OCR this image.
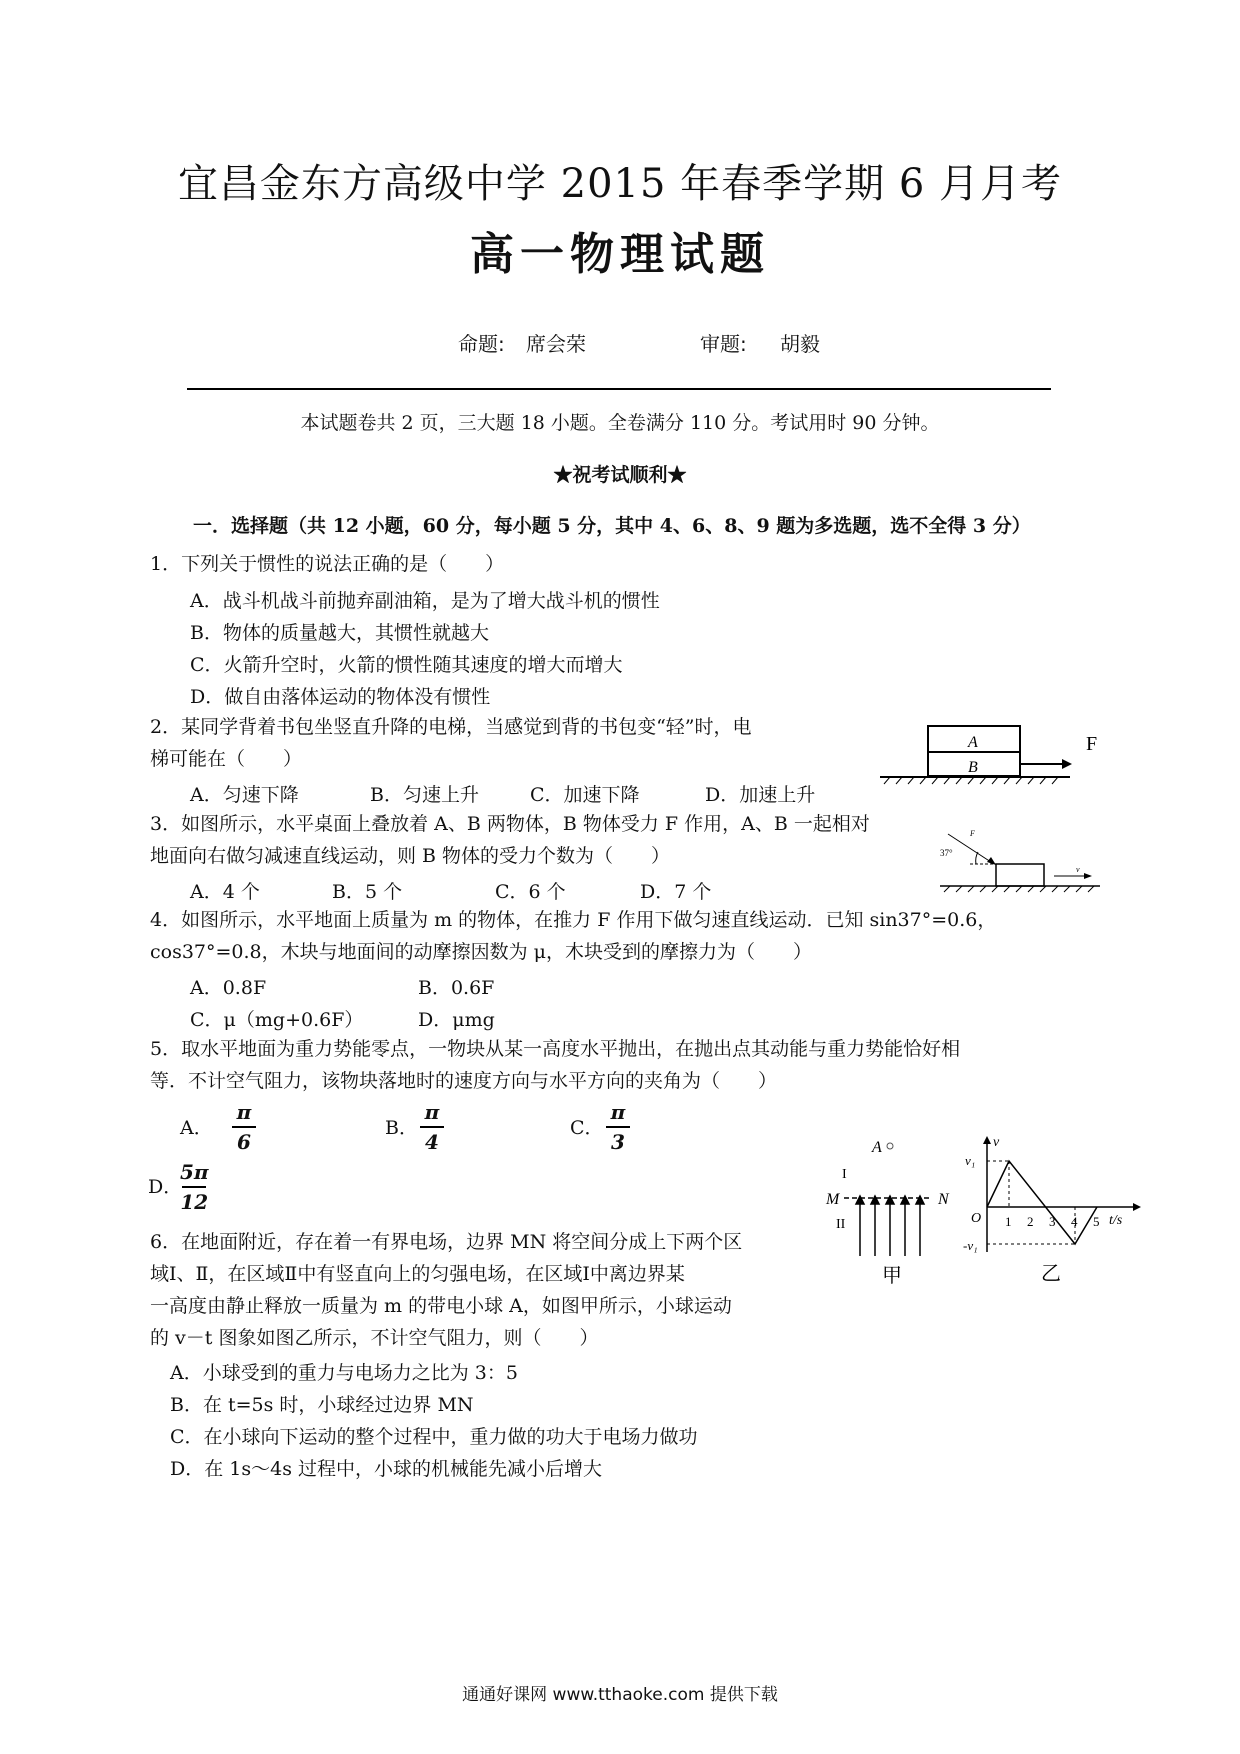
宜昌金东方高级中学 2015 年春季学期 6 月月考
高一物理试题
命题: 席会荣	审题: 胡毅
本试题卷共 2 页，三大题 18 小题。全卷满分 110 分。考试用时 90 分钟。
★祝考试顺利★
一．选择题（共 12 小题，60 分，每小题 5 分，其中 4、6、8、9 题为多选题，选不全得 3 分）
1．下列关于惯性的说法正确的是（　　）
A．战斗机战斗前抛弃副油箱，是为了增大战斗机的惯性
B．物体的质量越大，其惯性就越大
C．火箭升空时，火箭的惯性随其速度的增大而增大
D．做自由落体运动的物体没有惯性
2．某同学背着书包坐竖直升降的电梯，当感觉到背的书包变“轻”时，电
梯可能在（　　）
A．匀速下降	B．匀速上升	C．加速下降	D．加速上升
A
B
F
3．如图所示，水平桌面上叠放着 A、B 两物体，B 物体受力 F 作用，A、B 一起相对
地面向右做匀减速直线运动，则 B 物体的受力个数为（　　）
A．4 个	B．5 个	C．6 个	D．7 个
37°
F
v
4．如图所示，水平地面上质量为 m 的物体，在推力 F 作用下做匀速直线运动．已知 sin37°=0.6，
cos37°=0.8，木块与地面间的动摩擦因数为 μ，木块受到的摩擦力为（　　）
A．0.8F	B．0.6F
C．μ（mg+0.6F）	D．μmg
5．取水平地面为重力势能零点，一物块从某一高度水平抛出，在抛出点其动能与重力势能恰好相
等．不计空气阻力，该物块落地时的速度方向与水平方向的夹角为（　　）
A．
π
6
B．
π
4
C．
π
3
D．
5π
12
A
I
M	N
II
甲
v
v₁
-v₁
O 1 2 3 4 5 t/s
乙
6．在地面附近，存在着一有界电场，边界 MN 将空间分成上下两个区
域Ⅰ、Ⅱ，在区域Ⅱ中有竖直向上的匀强电场，在区域Ⅰ中离边界某
一高度由静止释放一质量为 m 的带电小球 A，如图甲所示，小球运动
的 v－t 图象如图乙所示，不计空气阻力，则（　　）
A．小球受到的重力与电场力之比为 3：5
B．在 t=5s 时，小球经过边界 MN
C．在小球向下运动的整个过程中，重力做的功大于电场力做功
D．在 1s～4s 过程中，小球的机械能先减小后增大
通通好课网 www.tthaoke.com 提供下载
